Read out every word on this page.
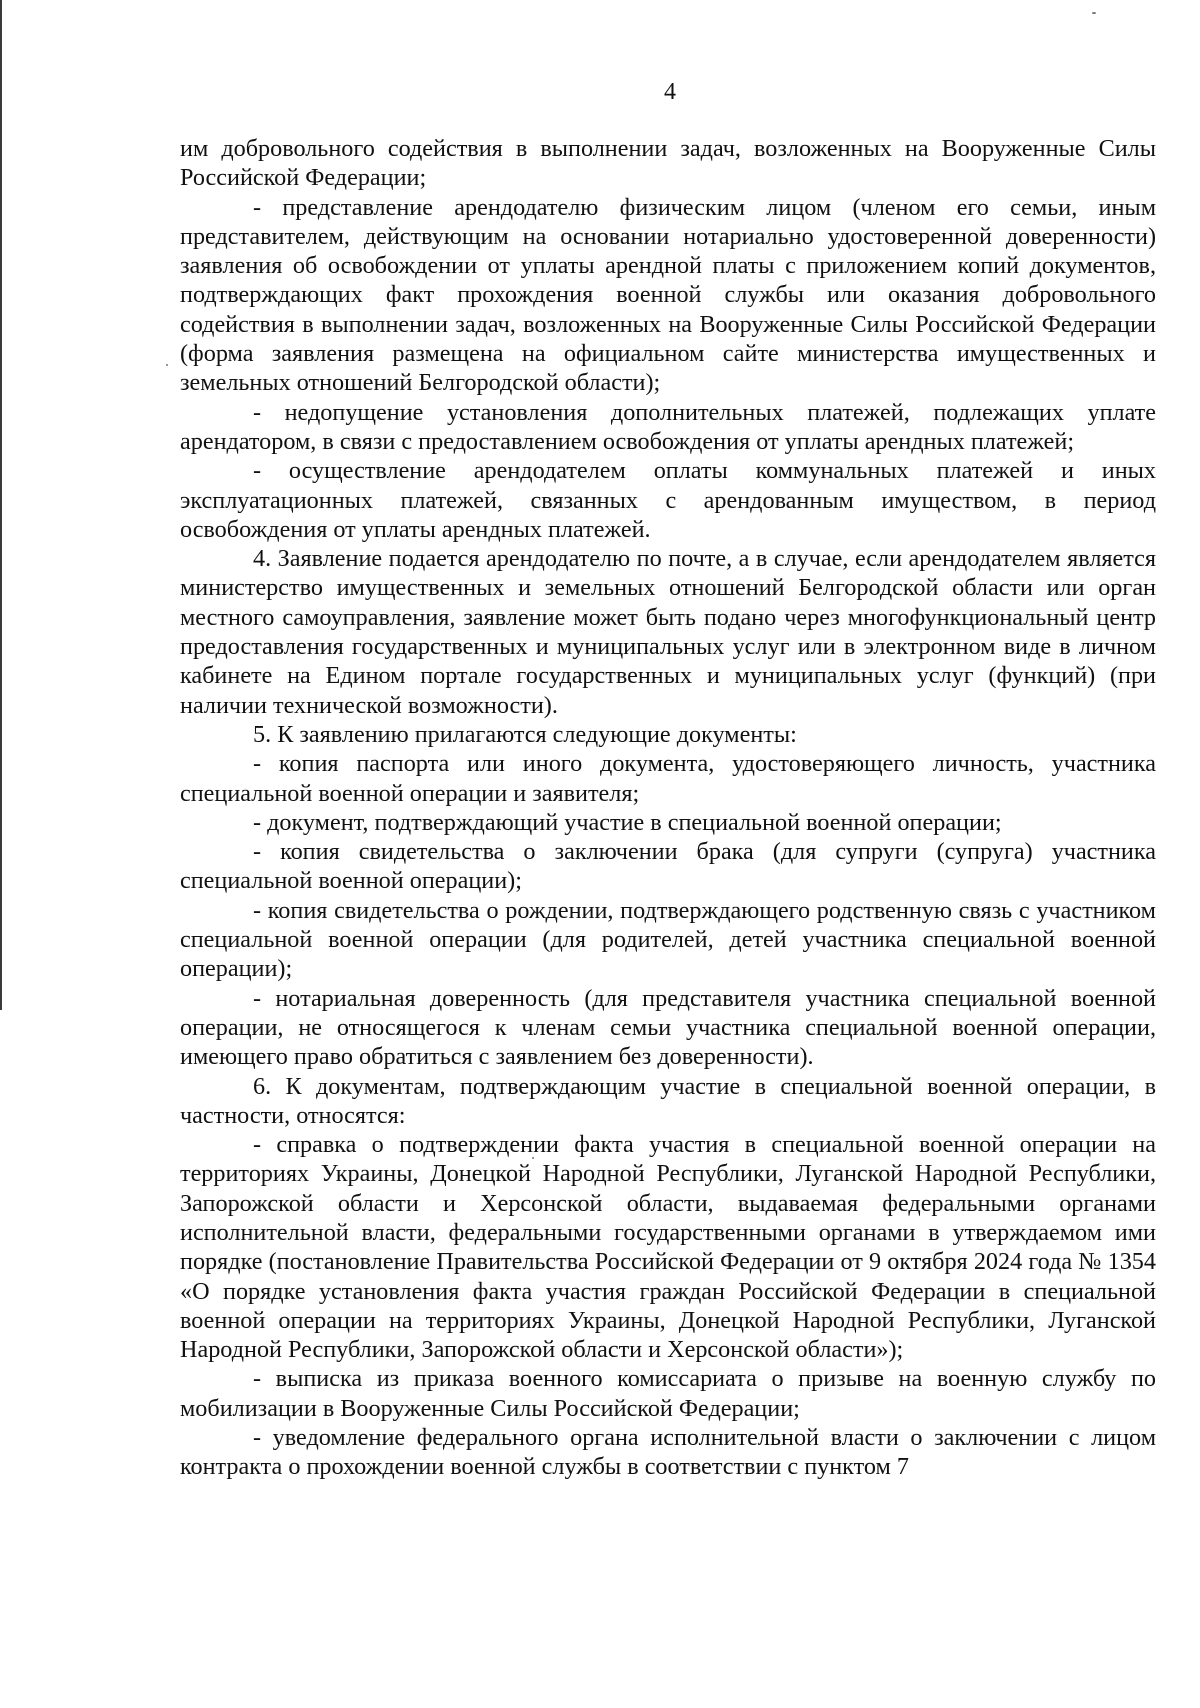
4

им добровольного содействия в выполнении задач, возложенных на Вооруженные Силы Российской Федерации;

- представление арендодателю физическим лицом (членом его семьи, иным представителем, действующим на основании нотариально удостоверенной доверенности) заявления об освобождении от уплаты арендной платы с приложением копий документов, подтверждающих факт прохождения военной службы или оказания добровольного содействия в выполнении задач, возложенных на Вооруженные Силы Российской Федерации (форма заявления размещена на официальном сайте министерства имущественных и земельных отношений Белгородской области);

- недопущение установления дополнительных платежей, подлежащих уплате арендатором, в связи с предоставлением освобождения от уплаты арендных платежей;

- осуществление арендодателем оплаты коммунальных платежей и иных эксплуатационных платежей, связанных с арендованным имуществом, в период освобождения от уплаты арендных платежей.

4. Заявление подается арендодателю по почте, а в случае, если арендодателем является министерство имущественных и земельных отношений Белгородской области или орган местного самоуправления, заявление может быть подано через многофункциональный центр предоставления государственных и муниципальных услуг или в электронном виде в личном кабинете на Едином портале государственных и муниципальных услуг (функций) (при наличии технической возможности).

5. К заявлению прилагаются следующие документы:

- копия паспорта или иного документа, удостоверяющего личность, участника специальной военной операции и заявителя;

- документ, подтверждающий участие в специальной военной операции;

- копия свидетельства о заключении брака (для супруги (супруга) участника специальной военной операции);

- копия свидетельства о рождении, подтверждающего родственную связь с участником специальной военной операции (для родителей, детей участника специальной военной операции);

- нотариальная доверенность (для представителя участника специальной военной операции, не относящегося к членам семьи участника специальной военной операции, имеющего право обратиться с заявлением без доверенности).

6. К документам, подтверждающим участие в специальной военной операции, в частности, относятся:

- справка о подтверждении факта участия в специальной военной операции на территориях Украины, Донецкой Народной Республики, Луганской Народной Республики, Запорожской области и Херсонской области, выдаваемая федеральными органами исполнительной власти, федеральными государственными органами в утверждаемом ими порядке (постановление Правительства Российской Федерации от 9 октября 2024 года № 1354 «О порядке установления факта участия граждан Российской Федерации в специальной военной операции на территориях Украины, Донецкой Народной Республики, Луганской Народной Республики, Запорожской области и Херсонской области»);

- выписка из приказа военного комиссариата о призыве на военную службу по мобилизации в Вооруженные Силы Российской Федерации;

- уведомление федерального органа исполнительной власти о заключении с лицом контракта о прохождении военной службы в соответствии с пунктом 7
